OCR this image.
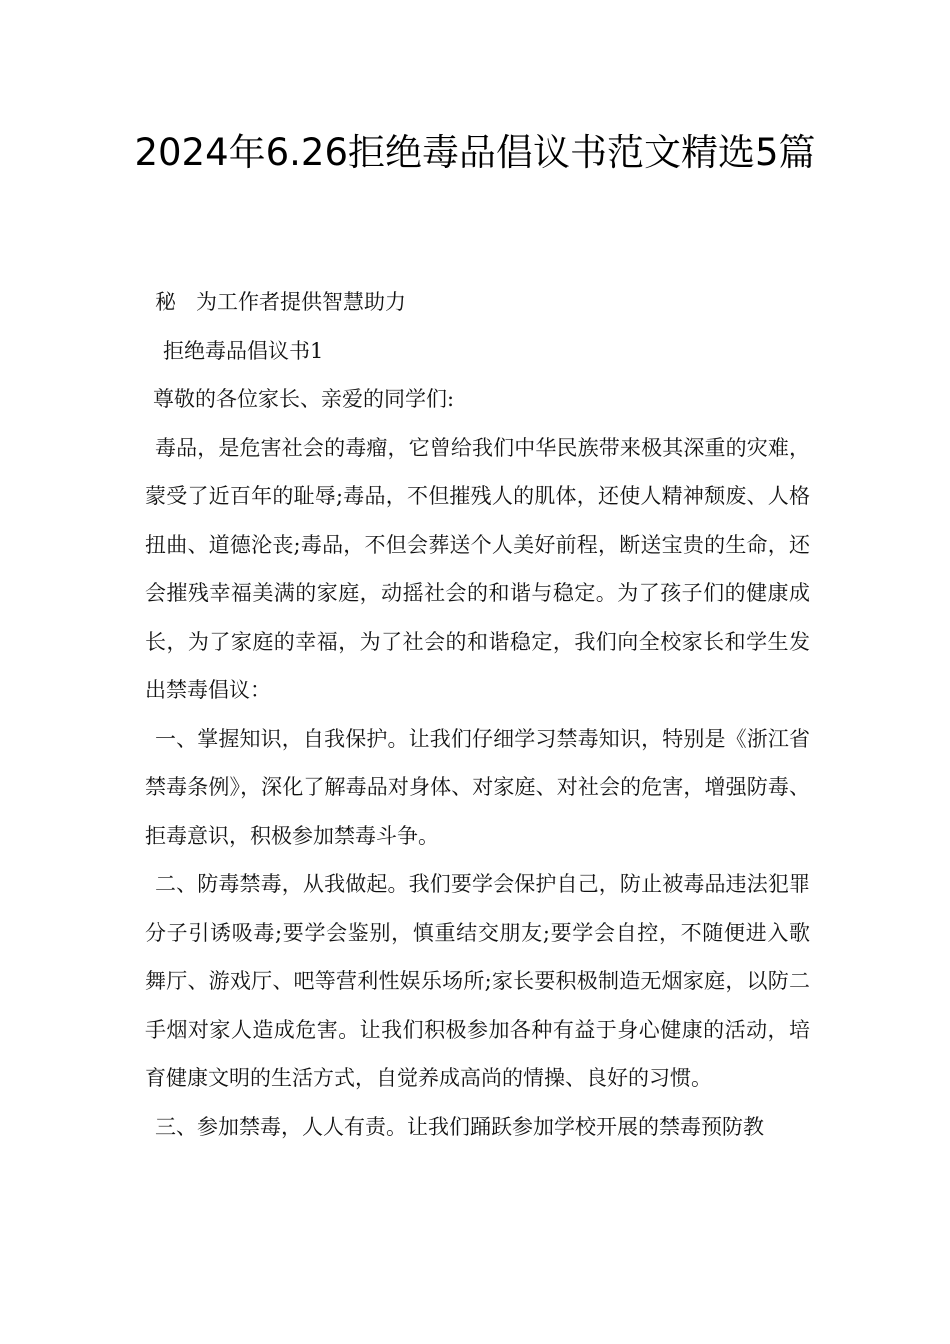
2024年6.26拒绝毒品倡议书范文精选5篇

秘   为工作者提供智慧助力

拒绝毒品倡议书1

尊敬的各位家长、亲爱的同学们:

毒品，是危害社会的毒瘤，它曾给我们中华民族带来极其深重的灾难，蒙受了近百年的耻辱;毒品，不但摧残人的肌体，还使人精神颓废、人格扭曲、道德沦丧;毒品，不但会葬送个人美好前程，断送宝贵的生命，还会摧残幸福美满的家庭，动摇社会的和谐与稳定。为了孩子们的健康成长，为了家庭的幸福，为了社会的和谐稳定，我们向全校家长和学生发出禁毒倡议：

一、掌握知识，自我保护。让我们仔细学习禁毒知识，特别是《浙江省禁毒条例》，深化了解毒品对身体、对家庭、对社会的危害，增强防毒、拒毒意识，积极参加禁毒斗争。

二、防毒禁毒，从我做起。我们要学会保护自己，防止被毒品违法犯罪分子引诱吸毒;要学会鉴别，慎重结交朋友;要学会自控，不随便进入歌舞厅、游戏厅、吧等营利性娱乐场所;家长要积极制造无烟家庭，以防二手烟对家人造成危害。让我们积极参加各种有益于身心健康的活动，培育健康文明的生活方式，自觉养成高尚的情操、良好的习惯。

三、参加禁毒，人人有责。让我们踊跃参加学校开展的禁毒预防教
